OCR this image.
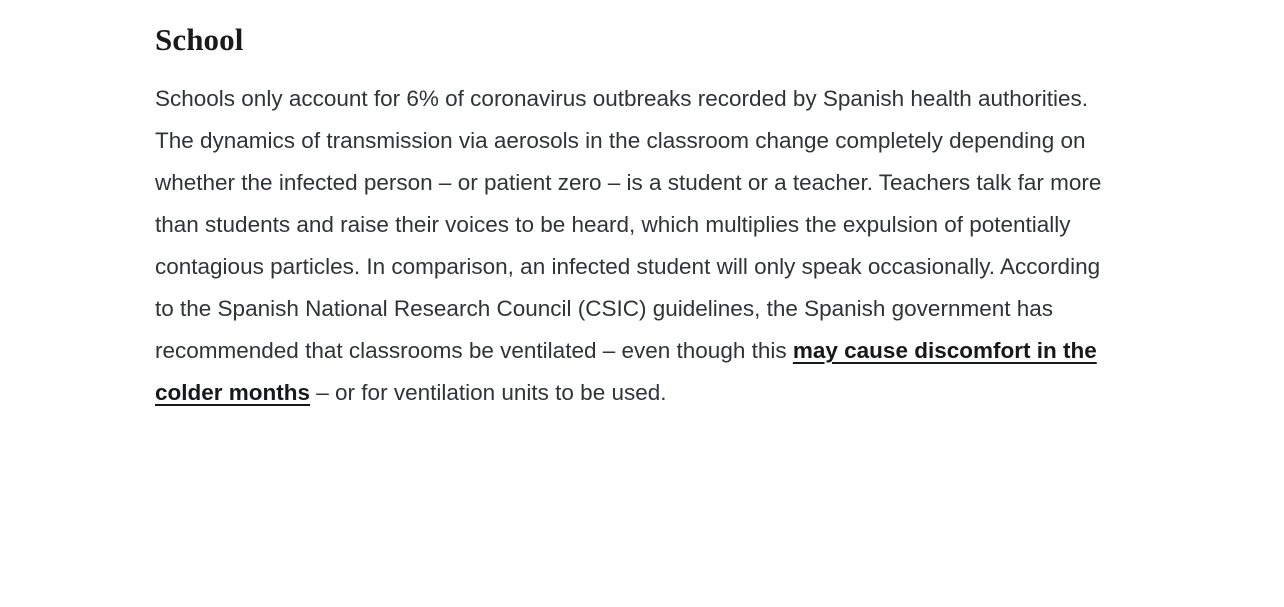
School

Schools only account for 6% of coronavirus outbreaks recorded by Spanish health authorities. The dynamics of transmission via aerosols in the classroom change completely depending on whether the infected person – or patient zero – is a student or a teacher. Teachers talk far more than students and raise their voices to be heard, which multiplies the expulsion of potentially contagious particles. In comparison, an infected student will only speak occasionally. According to the Spanish National Research Council (CSIC) guidelines, the Spanish government has recommended that classrooms be ventilated – even though this may cause discomfort in the colder months – or for ventilation units to be used.
